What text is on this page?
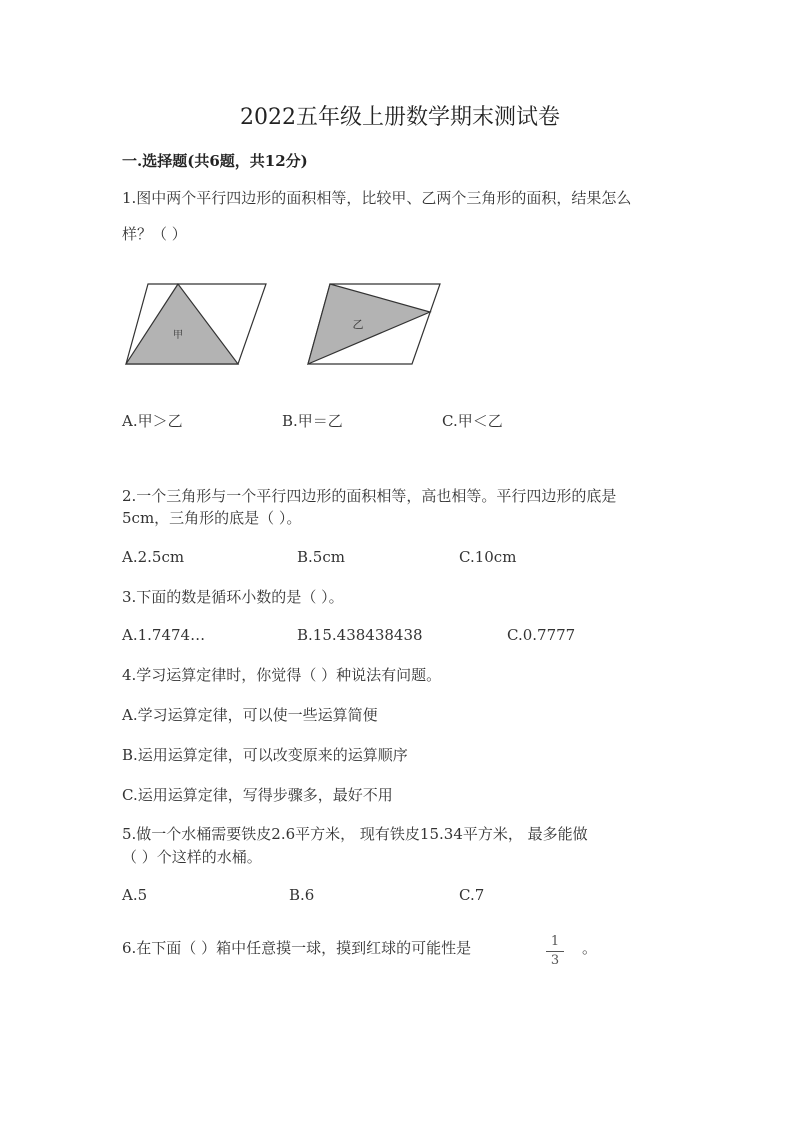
2022五年级上册数学期末测试卷
一.选择题(共6题，共12分)
1.图中两个平行四边形的面积相等，比较甲、乙两个三角形的面积，结果怎么
样？（ ）
甲
乙
A.甲＞乙	B.甲＝乙	C.甲＜乙
2.一个三角形与一个平行四边形的面积相等，高也相等。平行四边形的底是
5cm，三角形的底是（ ）。
A.2.5cm	B.5cm	C.10cm
3.下面的数是循环小数的是（ ）。
A.1.7474…	B.15.438438438	C.0.7777
4.学习运算定律时，你觉得（ ）种说法有问题。
A.学习运算定律，可以使一些运算简便
B.运用运算定律，可以改变原来的运算顺序
C.运用运算定律，写得步骤多，最好不用
5.做一个水桶需要铁皮2.6平方米， 现有铁皮15.34平方米， 最多能做
（ ）个这样的水桶。
A.5	B.6	C.7
6.在下面（ ）箱中任意摸一球，摸到红球的可能性是	1
3
。
